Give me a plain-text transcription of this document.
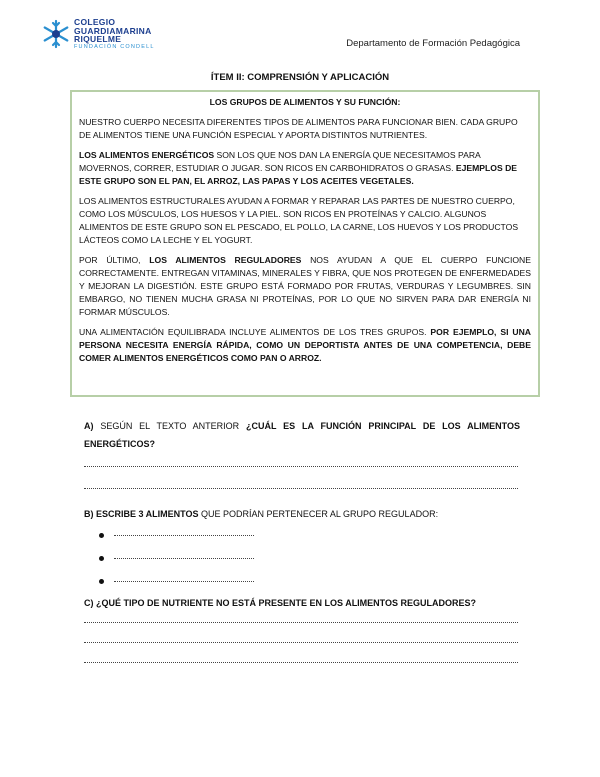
COLEGIO
GUARDIAMARINA
RIQUELME
FUNDACIÓN CONDELL	Departamento de Formación Pedagógica
ÍTEM II: COMPRENSIÓN Y APLICACIÓN
LOS GRUPOS DE ALIMENTOS Y SU FUNCIÓN:

NUESTRO CUERPO NECESITA DIFERENTES TIPOS DE ALIMENTOS PARA FUNCIONAR BIEN. CADA GRUPO DE ALIMENTOS TIENE UNA FUNCIÓN ESPECIAL Y APORTA DISTINTOS NUTRIENTES.

LOS ALIMENTOS ENERGÉTICOS SON LOS QUE NOS DAN LA ENERGÍA QUE NECESITAMOS PARA MOVERNOS, CORRER, ESTUDIAR O JUGAR. SON RICOS EN CARBOHIDRATOS O GRASAS. EJEMPLOS DE ESTE GRUPO SON EL PAN, EL ARROZ, LAS PAPAS Y LOS ACEITES VEGETALES.

LOS ALIMENTOS ESTRUCTURALES AYUDAN A FORMAR Y REPARAR LAS PARTES DE NUESTRO CUERPO, COMO LOS MÚSCULOS, LOS HUESOS Y LA PIEL. SON RICOS EN PROTEÍNAS Y CALCIO. ALGUNOS ALIMENTOS DE ESTE GRUPO SON EL PESCADO, EL POLLO, LA CARNE, LOS HUEVOS Y LOS PRODUCTOS LÁCTEOS COMO LA LECHE Y EL YOGURT.

POR ÚLTIMO, LOS ALIMENTOS REGULADORES NOS AYUDAN A QUE EL CUERPO FUNCIONE CORRECTAMENTE. ENTREGAN VITAMINAS, MINERALES Y FIBRA, QUE NOS PROTEGEN DE ENFERMEDADES Y MEJORAN LA DIGESTIÓN. ESTE GRUPO ESTÁ FORMADO POR FRUTAS, VERDURAS Y LEGUMBRES. SIN EMBARGO, NO TIENEN MUCHA GRASA NI PROTEÍNAS, POR LO QUE NO SIRVEN PARA DAR ENERGÍA NI FORMAR MÚSCULOS.

UNA ALIMENTACIÓN EQUILIBRADA INCLUYE ALIMENTOS DE LOS TRES GRUPOS. POR EJEMPLO, SI UNA PERSONA NECESITA ENERGÍA RÁPIDA, COMO UN DEPORTISTA ANTES DE UNA COMPETENCIA, DEBE COMER ALIMENTOS ENERGÉTICOS COMO PAN O ARROZ.

A) SEGÚN EL TEXTO ANTERIOR ¿CUÁL ES LA FUNCIÓN PRINCIPAL DE LOS ALIMENTOS ENERGÉTICOS?
B) ESCRIBE 3 ALIMENTOS QUE PODRÍAN PERTENECER AL GRUPO REGULADOR:
C) ¿QUÉ TIPO DE NUTRIENTE NO ESTÁ PRESENTE EN LOS ALIMENTOS REGULADORES?
